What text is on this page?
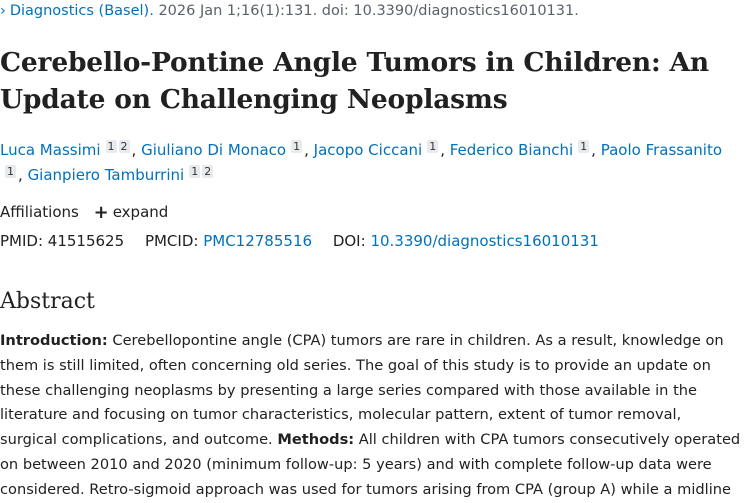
› Diagnostics (Basel). 2026 Jan 1;16(1):131. doi: 10.3390/diagnostics16010131.
Cerebello-Pontine Angle Tumors in Children: An Update on Challenging Neoplasms
Luca Massimi 1 2 , Giuliano Di Monaco 1 , Jacopo Ciccani 1 , Federico Bianchi 1 , Paolo Frassanito1 , Gianpiero Tamburrini 1 2
Affiliations + expand
PMID: 41515625 PMCID: PMC12785516 DOI: 10.3390/diagnostics16010131
Abstract

Introduction: Cerebellopontine angle (CPA) tumors are rare in children. As a result, knowledge on them is still limited, often concerning old series. The goal of this study is to provide an update on these challenging neoplasms by presenting a large series compared with those available in the literature and focusing on tumor characteristics, molecular pattern, extent of tumor removal, surgical complications, and outcome. Methods: All children with CPA tumors consecutively operated on between 2010 and 2020 (minimum follow-up: 5 years) and with complete follow-up data were considered. Retro-sigmoid approach was used for tumors arising from CPA (group A) while a midline
